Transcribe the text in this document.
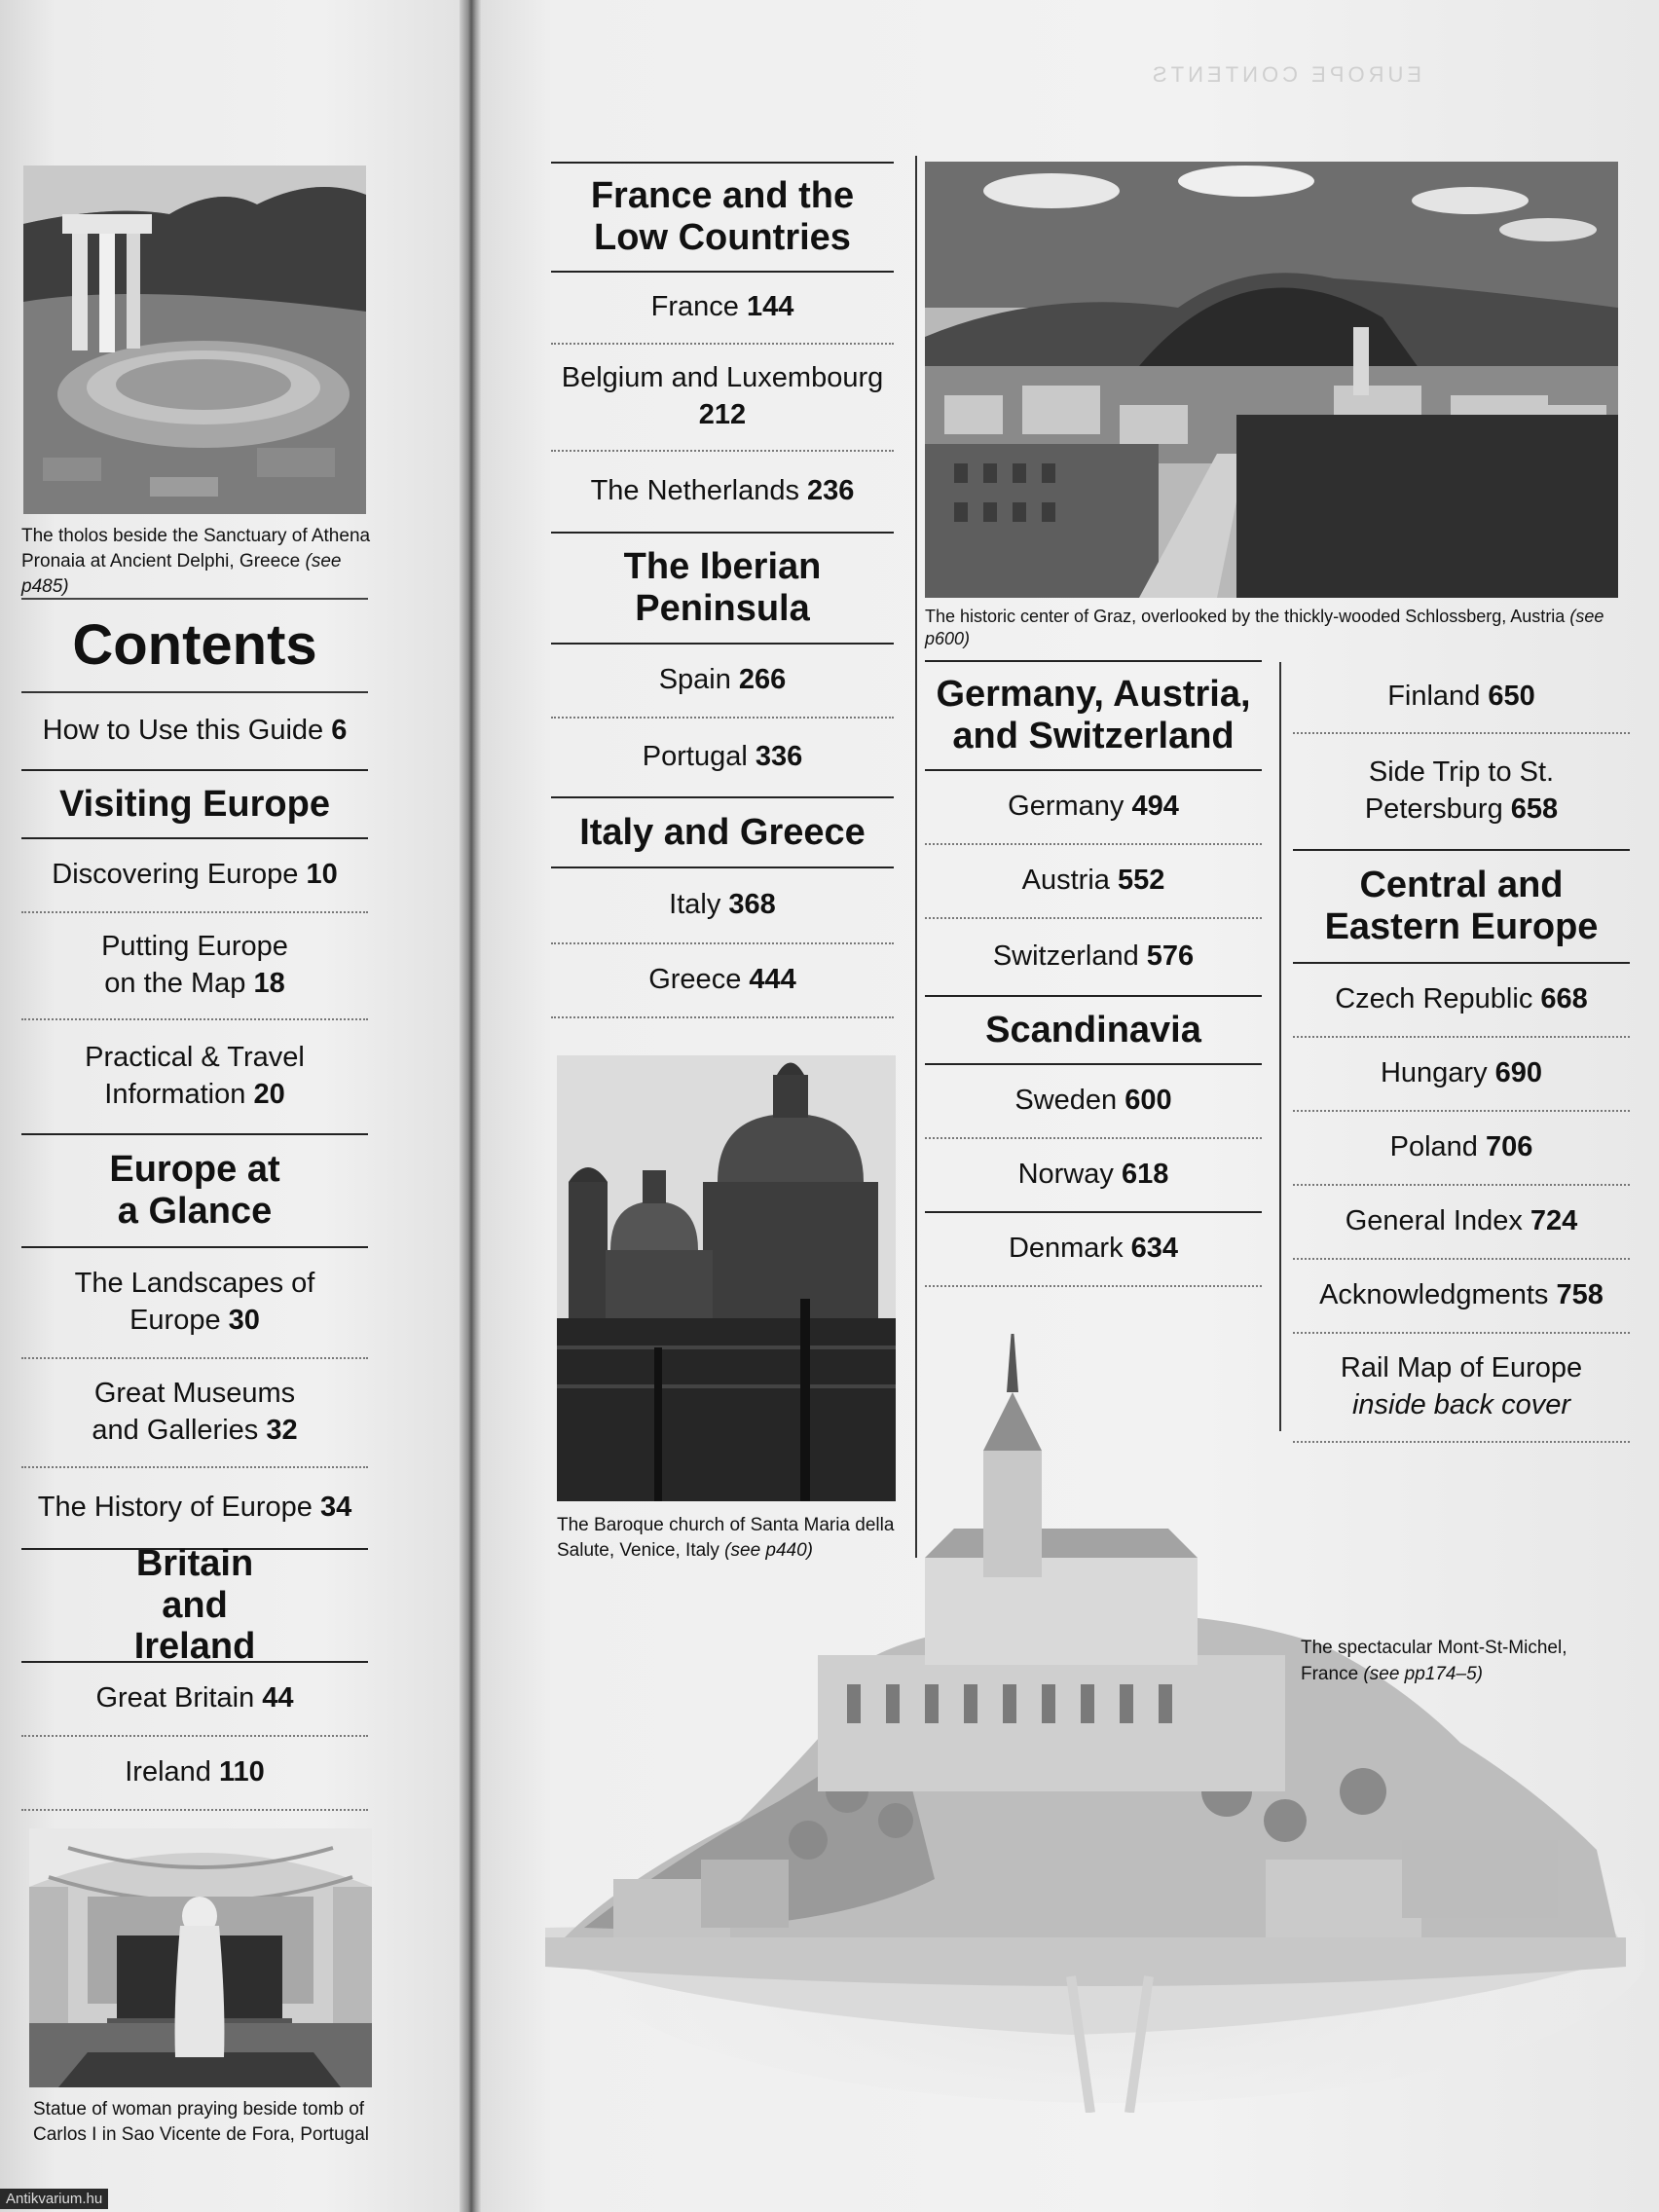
EUROPE CONTENTS
The tholos beside the Sanctuary of Athena Pronaia at Ancient Delphi, Greece (see p485)
Contents
How to Use this Guide 6
Visiting Europe
Discovering Europe 10
Putting Europe on the Map 18
Practical & Travel Information 20
Europe at a Glance
The Landscapes of Europe 30
Great Museums and Galleries 32
The History of Europe 34
Britain and Ireland
Great Britain 44
Ireland 110
Statue of woman praying beside tomb of Carlos I in Sao Vicente de Fora, Portugal
France and the Low Countries
France 144
Belgium and Luxembourg
212
The Netherlands 236
The Iberian Peninsula
Spain 266
Portugal 336
Italy and Greece
Italy 368
Greece 444
The Baroque church of Santa Maria della Salute, Venice, Italy (see p440)
The historic center of Graz, overlooked by the thickly-wooded Schlossberg, Austria (see p600)
Germany, Austria, and Switzerland
Germany 494
Austria 552
Switzerland 576
Scandinavia
Sweden 600
Norway 618
Denmark 634
Finland 650
Side Trip to St. Petersburg 658
Central and Eastern Europe
Czech Republic 668
Hungary 690
Poland 706
General Index 724
Acknowledgments 758
Rail Map of Europe
inside back cover
The spectacular Mont-St-Michel, France (see pp174–5)
Antikvarium.hu
